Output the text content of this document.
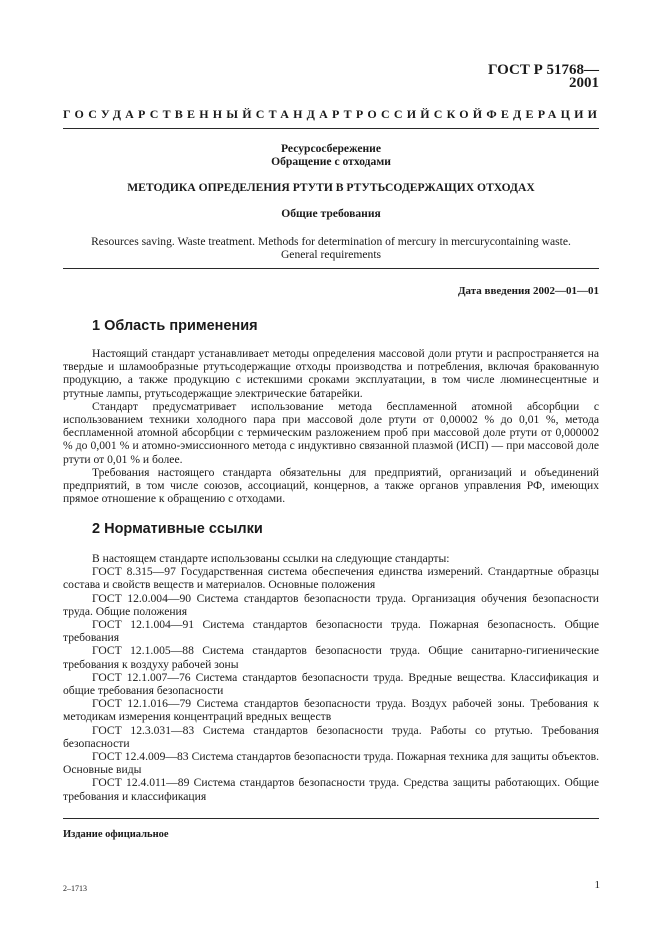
ГОСТ Р 51768—2001
ГОСУДАРСТВЕННЫЙ СТАНДАРТ РОССИЙСКОЙ ФЕДЕРАЦИИ
Ресурсосбережение
Обращение с отходами
МЕТОДИКА ОПРЕДЕЛЕНИЯ РТУТИ В РТУТЬСОДЕРЖАЩИХ ОТХОДАХ
Общие требования
Resources saving. Waste treatment. Methods for determination of mercury in mercurycontaining waste.
General requirements
Дата введения 2002—01—01
1 Область применения

Настоящий стандарт устанавливает методы определения массовой доли ртути и распространяется на твердые и шламообразные ртутьсодержащие отходы производства и потребления, включая бракованную продукцию, а также продукцию с истекшими сроками эксплуатации, в том числе люминесцентные и ртутные лампы, ртутьсодержащие электрические батарейки.

Стандарт предусматривает использование метода беспламенной атомной абсорбции с использованием техники холодного пара при массовой доле ртути от 0,00002 % до 0,01 %, метода беспламенной атомной абсорбции с термическим разложением проб при массовой доле ртути от 0,000002 % до 0,001 % и атомно-эмиссионного метода с индуктивно связанной плазмой (ИСП) — при массовой доле ртути от 0,01 % и более.

Требования настоящего стандарта обязательны для предприятий, организаций и объединений предприятий, в том числе союзов, ассоциаций, концернов, а также органов управления РФ, имеющих прямое отношение к обращению с отходами.

2 Нормативные ссылки

В настоящем стандарте использованы ссылки на следующие стандарты:

ГОСТ 8.315—97 Государственная система обеспечения единства измерений. Стандартные образцы состава и свойств веществ и материалов. Основные положения

ГОСТ 12.0.004—90 Система стандартов безопасности труда. Организация обучения безопасности труда. Общие положения

ГОСТ 12.1.004—91 Система стандартов безопасности труда. Пожарная безопасность. Общие требования

ГОСТ 12.1.005—88 Система стандартов безопасности труда. Общие санитарно-гигиенические требования к воздуху рабочей зоны

ГОСТ 12.1.007—76 Система стандартов безопасности труда. Вредные вещества. Классификация и общие требования безопасности

ГОСТ 12.1.016—79 Система стандартов безопасности труда. Воздух рабочей зоны. Требования к методикам измерения концентраций вредных веществ

ГОСТ 12.3.031—83 Система стандартов безопасности труда. Работы со ртутью. Требования безопасности

ГОСТ 12.4.009—83 Система стандартов безопасности труда. Пожарная техника для защиты объектов. Основные виды

ГОСТ 12.4.011—89 Система стандартов безопасности труда. Средства защиты работающих. Общие требования и классификация

Издание официальное
2–1713	1
